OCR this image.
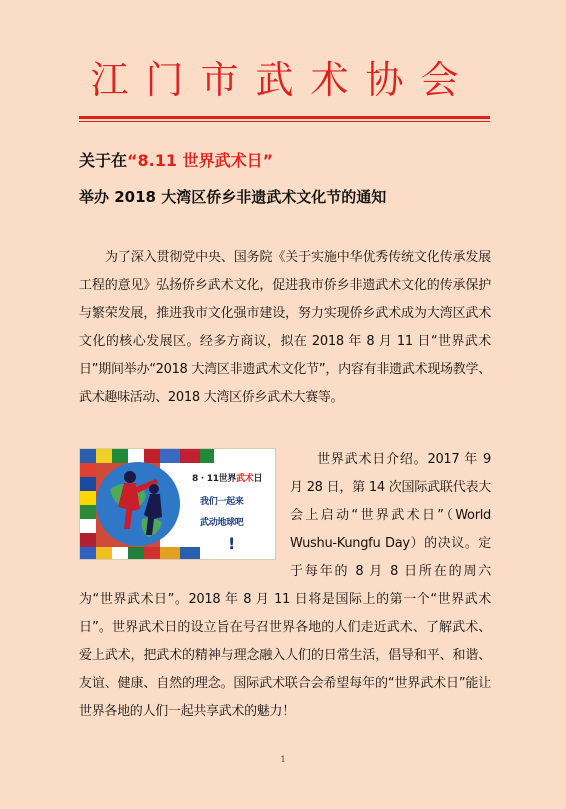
江门市武术协会
关于在“8.11 世界武术日”
举办 2018 大湾区侨乡非遗武术文化节的通知
为了深入贯彻党中央、国务院《关于实施中华优秀传统文化传承发展工程的意见》弘扬侨乡武术文化，促进我市侨乡非遗武术文化的传承保护与繁荣发展，推进我市文化强市建设，努力实现侨乡武术成为大湾区武术文化的核心发展区。经多方商议，拟在 2018 年 8 月 11 日“世界武术日”期间举办“2018 大湾区非遗武术文化节”，内容有非遗武术现场教学、武术趣味活动、2018 大湾区侨乡武术大赛等。
8 · 11世界武术日
我们一起来
武动地球吧
!
世界武术日介绍。2017 年 9 月 28 日，第 14 次国际武联代表大会上启动“世界武术日”（World Wushu-Kungfu Day）的决议。定于每年的 8 月 8 日所在的周六为“世界武术日”。2018 年 8 月 11 日将是国际上的第一个“世界武术日”。世界武术日的设立旨在号召世界各地的人们走近武术、了解武术、爱上武术，把武术的精神与理念融入人们的日常生活，倡导和平、和谐、友谊、健康、自然的理念。国际武术联合会希望每年的“世界武术日”能让世界各地的人们一起共享武术的魅力！
1
